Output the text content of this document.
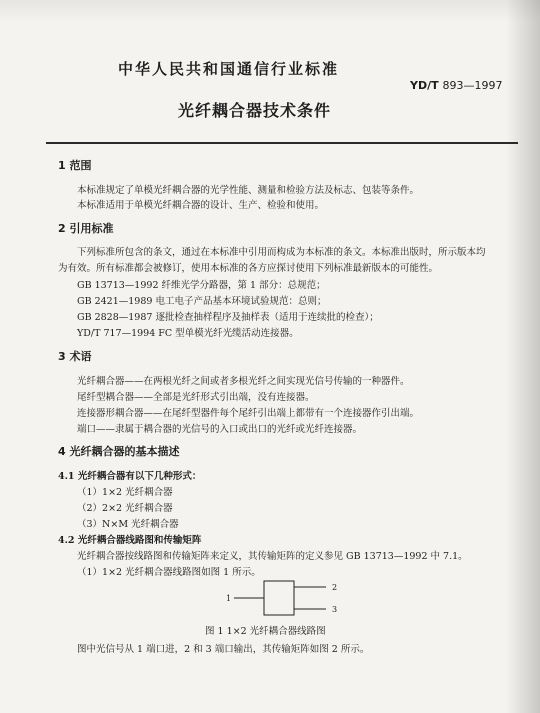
中华人民共和国通信行业标准
YD/T 893—1997
光纤耦合器技术条件
1 范围
本标准规定了单模光纤耦合器的光学性能、测量和检验方法及标志、包装等条件。
本标准适用于单模光纤耦合器的设计、生产、检验和使用。
2 引用标准
下列标准所包含的条文，通过在本标准中引用而构成为本标准的条文。本标准出版时，所示版本均
为有效。所有标准都会被修订，使用本标准的各方应探讨使用下列标准最新版本的可能性。
GB 13713—1992 纤维光学分路器，第 1 部分：总规范；
GB 2421—1989 电工电子产品基本环境试验规范：总则；
GB 2828—1987 逐批检查抽样程序及抽样表（适用于连续批的检查）；
YD/T 717—1994 FC 型单模光纤光缆活动连接器。
3 术语
光纤耦合器——在两根光纤之间或者多根光纤之间实现光信号传输的一种器件。
尾纤型耦合器——全部是光纤形式引出端，没有连接器。
连接器形耦合器——在尾纤型器件每个尾纤引出端上都带有一个连接器作引出端。
端口——隶属于耦合器的光信号的入口或出口的光纤或光纤连接器。
4 光纤耦合器的基本描述
4.1 光纤耦合器有以下几种形式：
（1）1×2 光纤耦合器
（2）2×2 光纤耦合器
（3）N×M 光纤耦合器
4.2 光纤耦合器线路图和传输矩阵
光纤耦合器按线路图和传输矩阵来定义，其传输矩阵的定义参见 GB 13713—1992 中 7.1。
（1）1×2 光纤耦合器线路图如图 1 所示。
1
2
3
图 1 1×2 光纤耦合器线路图
图中光信号从 1 端口进，2 和 3 端口输出，其传输矩阵如图 2 所示。
